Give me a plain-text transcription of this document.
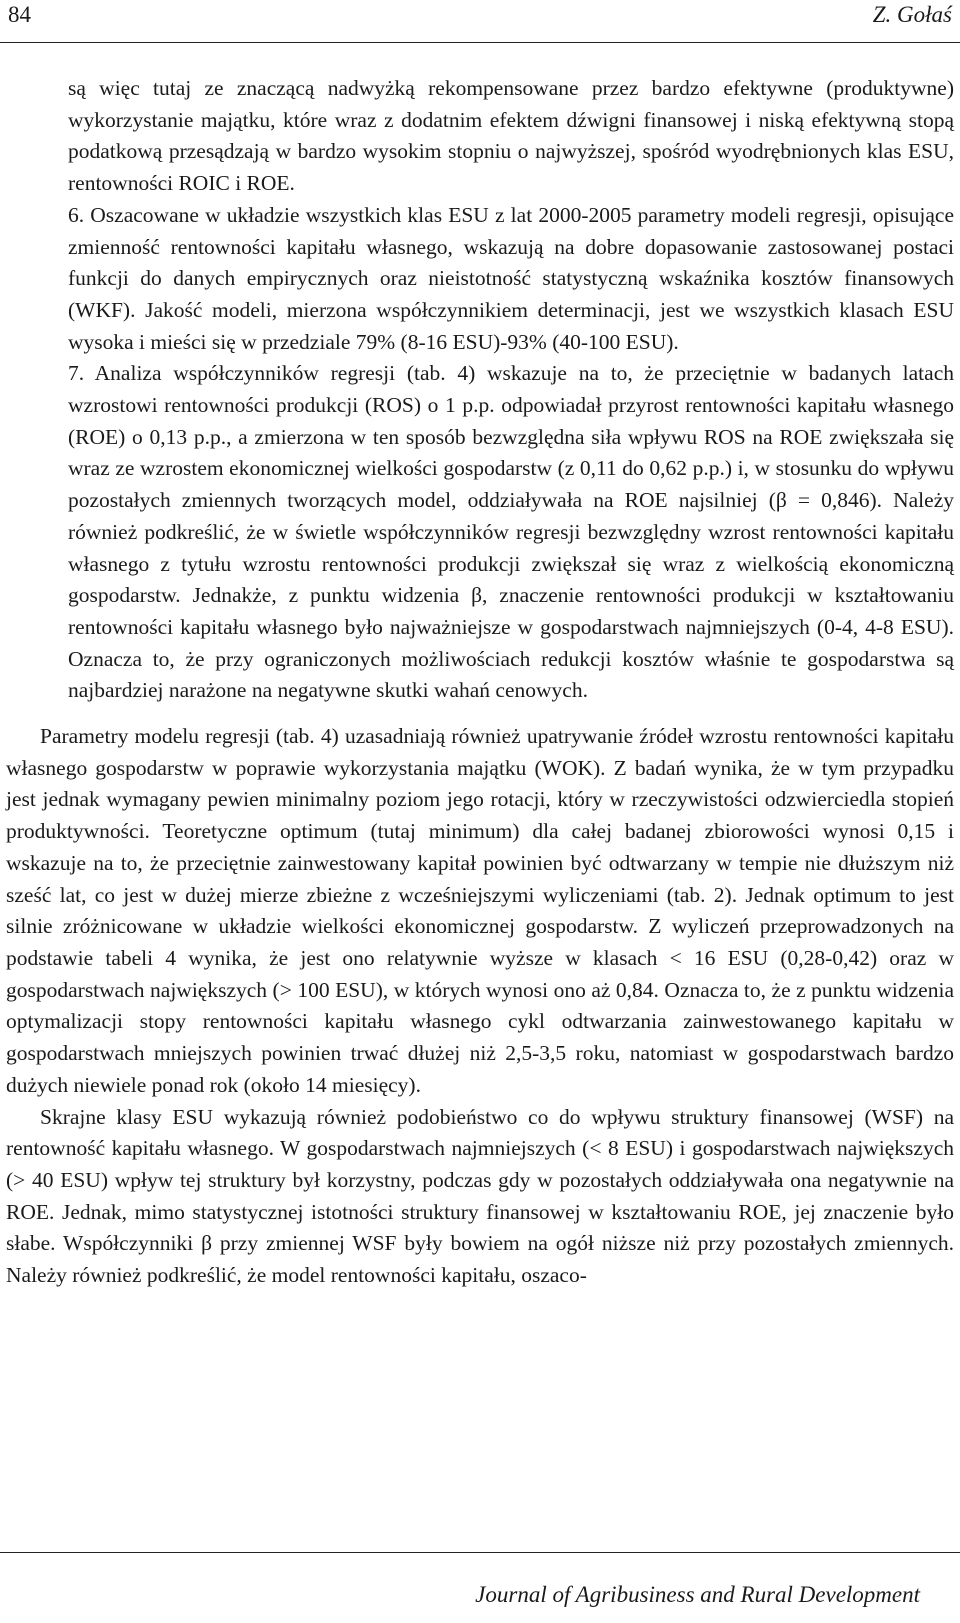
84	Z. Gołaś

są więc tutaj ze znaczącą nadwyżką rekompensowane przez bardzo efektywne (produktywne) wykorzystanie majątku, które wraz z dodatnim efektem dźwigni finansowej i niską efektywną stopą podatkową przesądzają w bardzo wysokim stopniu o najwyższej, spośród wyodrębnionych klas ESU, rentowności ROIC i ROE.

6. Oszacowane w układzie wszystkich klas ESU z lat 2000-2005 parametry modeli regresji, opisujące zmienność rentowności kapitału własnego, wskazują na dobre dopasowanie zastosowanej postaci funkcji do danych empirycznych oraz nieistotność statystyczną wskaźnika kosztów finansowych (WKF). Jakość modeli, mierzona współczynnikiem determinacji, jest we wszystkich klasach ESU wysoka i mieści się w przedziale 79% (8-16 ESU)-93% (40-100 ESU).

7. Analiza współczynników regresji (tab. 4) wskazuje na to, że przeciętnie w badanych latach wzrostowi rentowności produkcji (ROS) o 1 p.p. odpowiadał przyrost rentowności kapitału własnego (ROE) o 0,13 p.p., a zmierzona w ten sposób bezwzględna siła wpływu ROS na ROE zwiększała się wraz ze wzrostem ekonomicznej wielkości gospodarstw (z 0,11 do 0,62 p.p.) i, w stosunku do wpływu pozostałych zmiennych tworzących model, oddziaływała na ROE najsilniej (β = 0,846). Należy również podkreślić, że w świetle współczynników regresji bezwzględny wzrost rentowności kapitału własnego z tytułu wzrostu rentowności produkcji zwiększał się wraz z wielkością ekonomiczną gospodarstw. Jednakże, z punktu widzenia β, znaczenie rentowności produkcji w kształtowaniu rentowności kapitału własnego było najważniejsze w gospodarstwach najmniejszych (0-4, 4-8 ESU). Oznacza to, że przy ograniczonych możliwościach redukcji kosztów właśnie te gospodarstwa są najbardziej narażone na negatywne skutki wahań cenowych.

Parametry modelu regresji (tab. 4) uzasadniają również upatrywanie źródeł wzrostu rentowności kapitału własnego gospodarstw w poprawie wykorzystania majątku (WOK). Z badań wynika, że w tym przypadku jest jednak wymagany pewien minimalny poziom jego rotacji, który w rzeczywistości odzwierciedla stopień produktywności. Teoretyczne optimum (tutaj minimum) dla całej badanej zbiorowości wynosi 0,15 i wskazuje na to, że przeciętnie zainwestowany kapitał powinien być odtwarzany w tempie nie dłuższym niż sześć lat, co jest w dużej mierze zbieżne z wcześniejszymi wyliczeniami (tab. 2). Jednak optimum to jest silnie zróżnicowane w układzie wielkości ekonomicznej gospodarstw. Z wyliczeń przeprowadzonych na podstawie tabeli 4 wynika, że jest ono relatywnie wyższe w klasach < 16 ESU (0,28-0,42) oraz w gospodarstwach największych (> 100 ESU), w których wynosi ono aż 0,84. Oznacza to, że z punktu widzenia optymalizacji stopy rentowności kapitału własnego cykl odtwarzania zainwestowanego kapitału w gospodarstwach mniejszych powinien trwać dłużej niż 2,5-3,5 roku, natomiast w gospodarstwach bardzo dużych niewiele ponad rok (około 14 miesięcy).

Skrajne klasy ESU wykazują również podobieństwo co do wpływu struktury finansowej (WSF) na rentowność kapitału własnego. W gospodarstwach najmniejszych (< 8 ESU) i gospodarstwach największych (> 40 ESU) wpływ tej struktury był korzystny, podczas gdy w pozostałych oddziaływała ona negatywnie na ROE. Jednak, mimo statystycznej istotności struktury finansowej w kształtowaniu ROE, jej znaczenie było słabe. Współczynniki β przy zmiennej WSF były bowiem na ogół niższe niż przy pozostałych zmiennych. Należy również podkreślić, że model rentowności kapitału, oszaco-

Journal of Agribusiness and Rural Development
